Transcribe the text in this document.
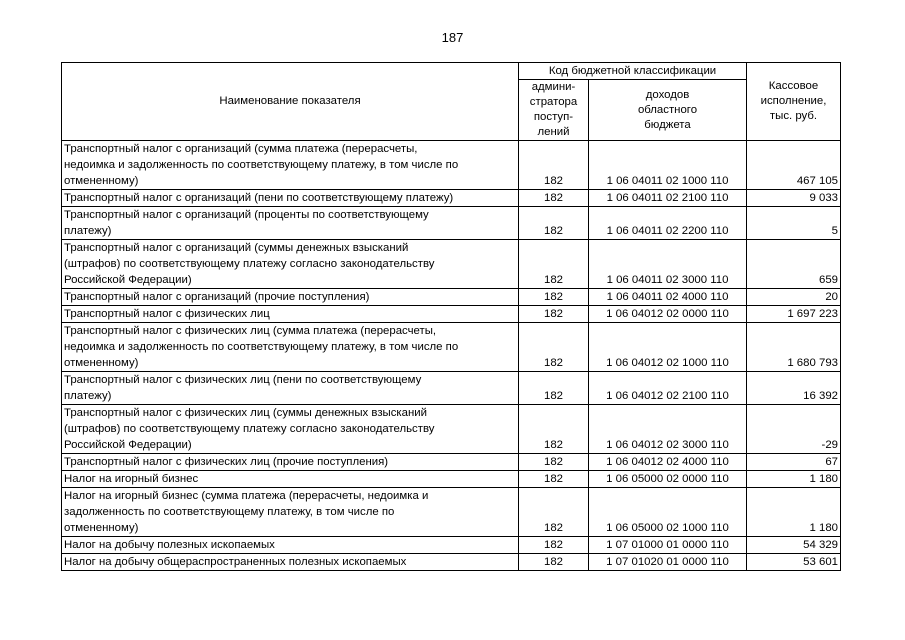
187
Наименование показателя	Код бюджетной классификации		Кассовое
исполнение,
тыс. руб.
	админи-
стратора
поступ-
лений	доходов
областного
бюджета	
Транспортный налог с организаций (сумма платежа (перерасчеты,
недоимка и задолженность по соответствующему платежу, в том числе по
отмененному)	182	1 06 04011 02 1000 110	467 105
Транспортный налог с организаций (пени по соответствующему платежу)	182	1 06 04011 02 2100 110	9 033
Транспортный налог с организаций (проценты по соответствующему
платежу)	182	1 06 04011 02 2200 110	5
Транспортный налог с организаций (суммы денежных взысканий
(штрафов) по соответствующему платежу согласно законодательству
Российской Федерации)	182	1 06 04011 02 3000 110	659
Транспортный налог с организаций (прочие поступления)	182	1 06 04011 02 4000 110	20
Транспортный налог с физических лиц	182	1 06 04012 02 0000 110	1 697 223
Транспортный налог с физических лиц (сумма платежа (перерасчеты,
недоимка и задолженность по соответствующему платежу, в том числе по
отмененному)	182	1 06 04012 02 1000 110	1 680 793
Транспортный налог с физических лиц (пени по соответствующему
платежу)	182	1 06 04012 02 2100 110	16 392
Транспортный налог с физических лиц (суммы денежных взысканий
(штрафов) по соответствующему платежу согласно законодательству
Российской Федерации)	182	1 06 04012 02 3000 110	-29
Транспортный налог с физических лиц (прочие поступления)	182	1 06 04012 02 4000 110	67
Налог на игорный бизнес	182	1 06 05000 02 0000 110	1 180
Налог на игорный бизнес (сумма платежа (перерасчеты, недоимка и
задолженность по соответствующему платежу, в том числе по
отмененному)	182	1 06 05000 02 1000 110	1 180
Налог на добычу полезных ископаемых	182	1 07 01000 01 0000 110	54 329
Налог на добычу общераспространенных полезных ископаемых	182	1 07 01020 01 0000 110	53 601
